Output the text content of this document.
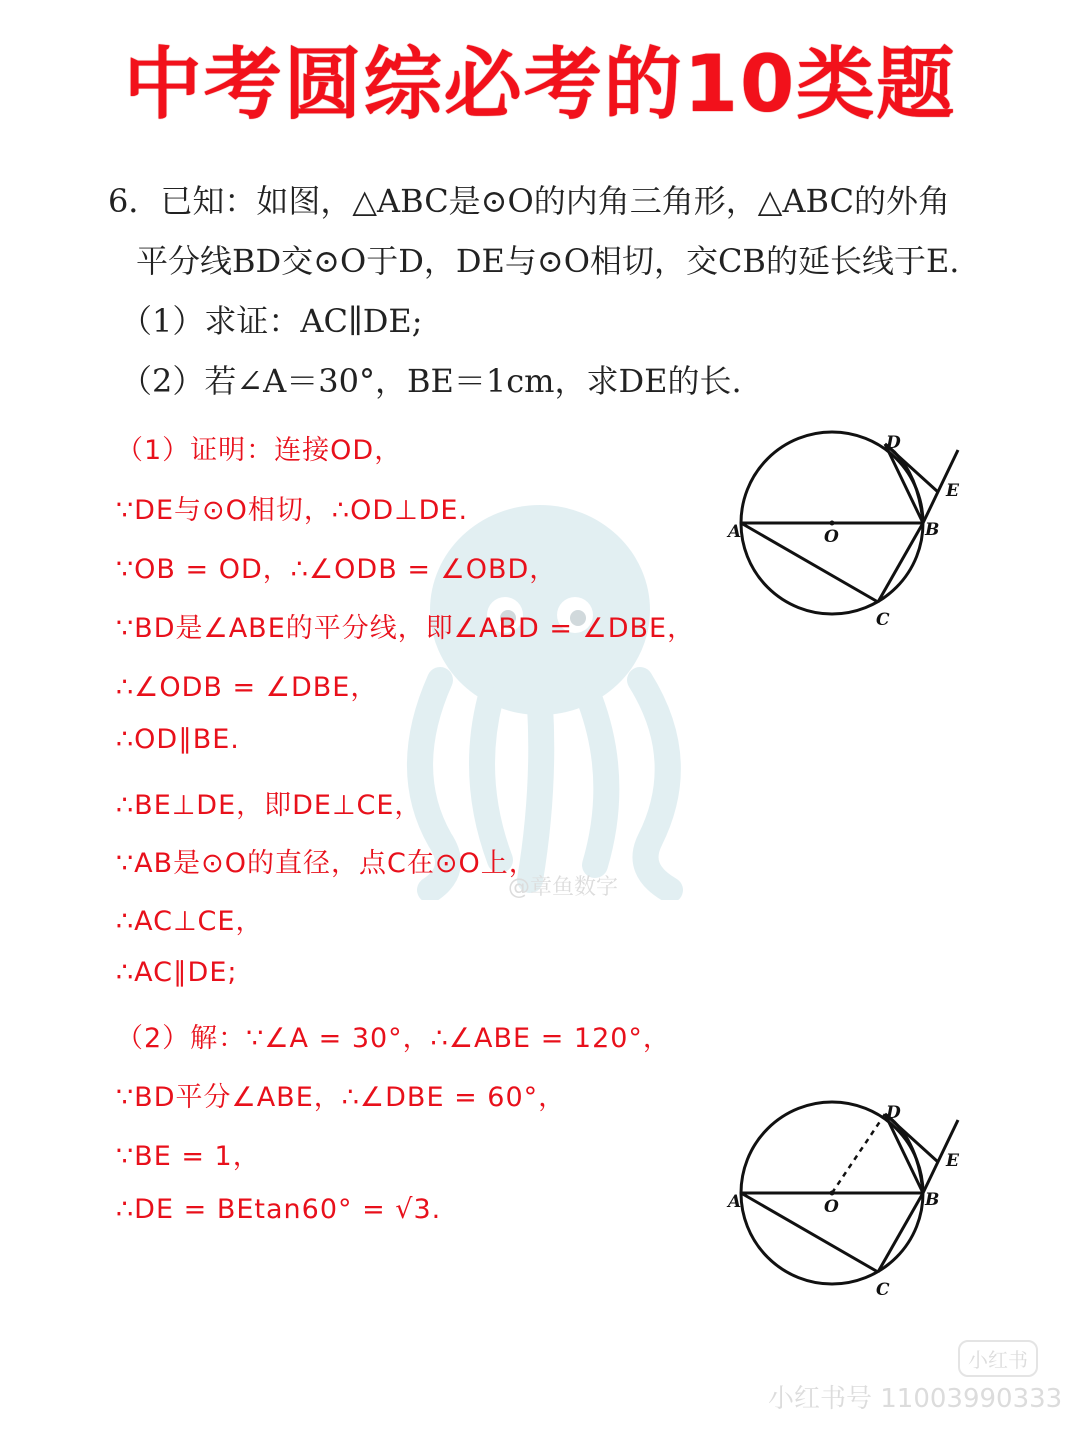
中考圆综必考的10类题
6．已知：如图，△ABC是⊙O的内角三角形，△ABC的外角
平分线BD交⊙O于D，DE与⊙O相切，交CB的延长线于E.
（1）求证：AC∥DE;
（2）若∠A＝30°，BE＝1cm，求DE的长.
@章鱼数字
（1）证明：连接OD，
∵DE与⊙O相切，∴OD⊥DE.
∵OB = OD，∴∠ODB = ∠OBD，
∵BD是∠ABE的平分线，即∠ABD = ∠DBE，
∴∠ODB = ∠DBE，
∴OD∥BE.
∴BE⊥DE，即DE⊥CE，
∵AB是⊙O的直径，点C在⊙O上，
∴AC⊥CE，
∴AC∥DE;
（2）解：∵∠A = 30°，∴∠ABE = 120°，
∵BD平分∠ABE，∴∠DBE = 60°，
∵BE = 1，
∴DE = BEtan60° = √3.
A	B
C
D
E
O
A	B
C
D
E
O
小红书
小红书号 11003990333
